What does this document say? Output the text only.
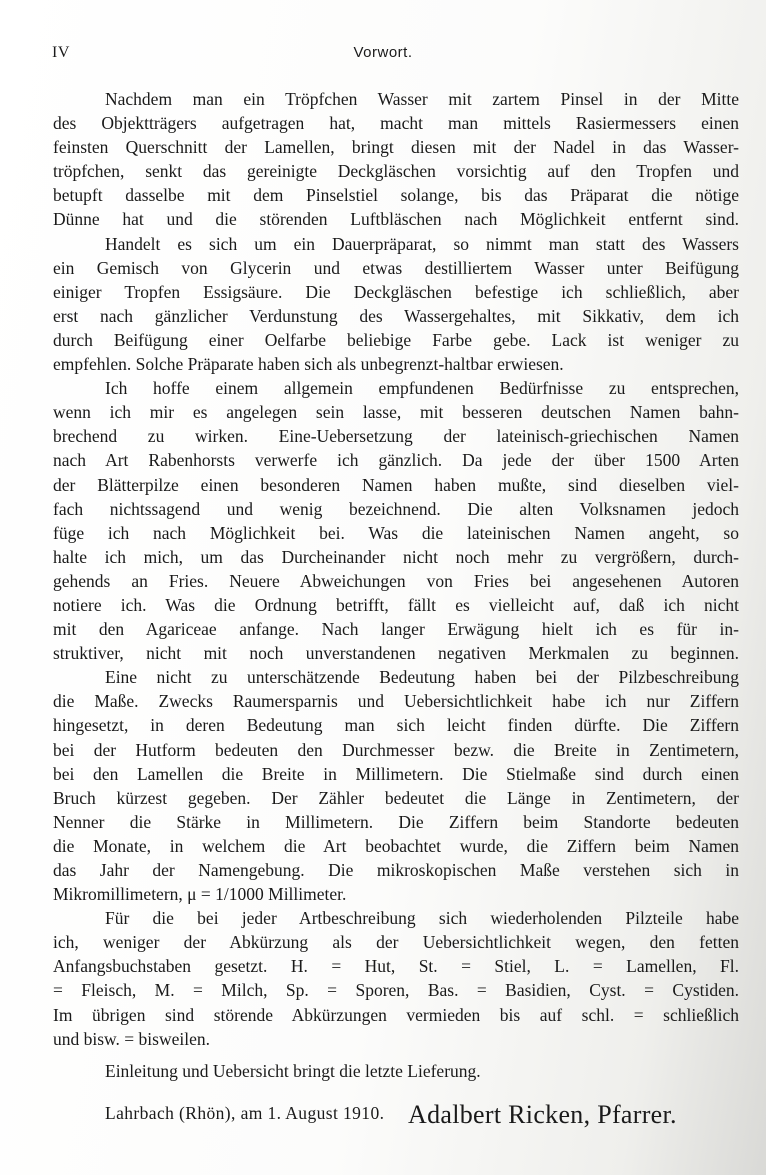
IV	Vorwort.
Nachdem man ein Tröpfchen Wasser mit zartem Pinsel in der Mitte
des Objektträgers aufgetragen hat, macht man mittels Rasiermessers einen
feinsten Querschnitt der Lamellen, bringt diesen mit der Nadel in das Wasser-
tröpfchen, senkt das gereinigte Deckgläschen vorsichtig auf den Tropfen und
betupft dasselbe mit dem Pinselstiel solange, bis das Präparat die nötige
Dünne hat und die störenden Luftbläschen nach Möglichkeit entfernt sind.
Handelt es sich um ein Dauerpräparat, so nimmt man statt des Wassers
ein Gemisch von Glycerin und etwas destilliertem Wasser unter Beifügung
einiger Tropfen Essigsäure. Die Deckgläschen befestige ich schließlich, aber
erst nach gänzlicher Verdunstung des Wassergehaltes, mit Sikkativ, dem ich
durch Beifügung einer Oelfarbe beliebige Farbe gebe. Lack ist weniger zu
empfehlen. Solche Präparate haben sich als unbegrenzt-haltbar erwiesen.
Ich hoffe einem allgemein empfundenen Bedürfnisse zu entsprechen,
wenn ich mir es angelegen sein lasse, mit besseren deutschen Namen bahn-
brechend zu wirken. Eine-Uebersetzung der lateinisch-griechischen Namen
nach Art Rabenhorsts verwerfe ich gänzlich. Da jede der über 1500 Arten
der Blätterpilze einen besonderen Namen haben mußte, sind dieselben viel-
fach nichtssagend und wenig bezeichnend. Die alten Volksnamen jedoch
füge ich nach Möglichkeit bei. Was die lateinischen Namen angeht, so
halte ich mich, um das Durcheinander nicht noch mehr zu vergrößern, durch-
gehends an Fries. Neuere Abweichungen von Fries bei angesehenen Autoren
notiere ich. Was die Ordnung betrifft, fällt es vielleicht auf, daß ich nicht
mit den Agariceae anfange. Nach langer Erwägung hielt ich es für in-
struktiver, nicht mit noch unverstandenen negativen Merkmalen zu beginnen.
Eine nicht zu unterschätzende Bedeutung haben bei der Pilzbeschreibung
die Maße. Zwecks Raumersparnis und Uebersichtlichkeit habe ich nur Ziffern
hingesetzt, in deren Bedeutung man sich leicht finden dürfte. Die Ziffern
bei der Hutform bedeuten den Durchmesser bezw. die Breite in Zentimetern,
bei den Lamellen die Breite in Millimetern. Die Stielmaße sind durch einen
Bruch kürzest gegeben. Der Zähler bedeutet die Länge in Zentimetern, der
Nenner die Stärke in Millimetern. Die Ziffern beim Standorte bedeuten
die Monate, in welchem die Art beobachtet wurde, die Ziffern beim Namen
das Jahr der Namengebung. Die mikroskopischen Maße verstehen sich in
Mikromillimetern, μ = 1/1000 Millimeter.
Für die bei jeder Artbeschreibung sich wiederholenden Pilzteile habe
ich, weniger der Abkürzung als der Uebersichtlichkeit wegen, den fetten
Anfangsbuchstaben gesetzt. H. = Hut, St. = Stiel, L. = Lamellen, Fl.
= Fleisch, M. = Milch, Sp. = Sporen, Bas. = Basidien, Cyst. = Cystiden.
Im übrigen sind störende Abkürzungen vermieden bis auf schl. = schließlich
und bisw. = bisweilen.
Einleitung und Uebersicht bringt die letzte Lieferung.
Lahrbach (Rhön), am 1. August 1910. Adalbert Ricken, Pfarrer.
